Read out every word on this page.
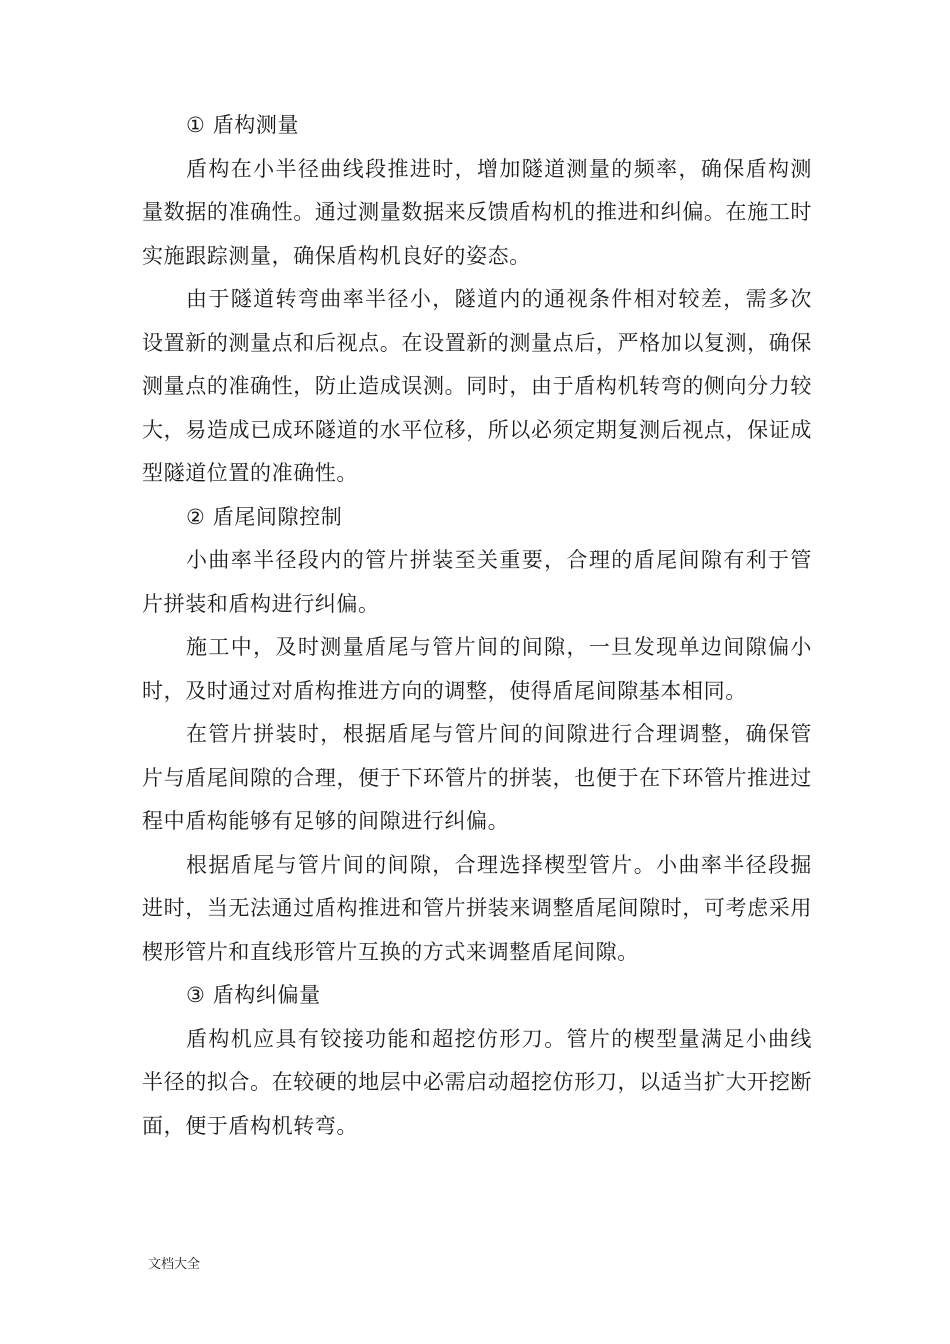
① 盾构测量

盾构在小半径曲线段推进时，增加隧道测量的频率，确保盾构测量数据的准确性。通过测量数据来反馈盾构机的推进和纠偏。在施工时实施跟踪测量，确保盾构机良好的姿态。

由于隧道转弯曲率半径小，隧道内的通视条件相对较差，需多次设置新的测量点和后视点。在设置新的测量点后，严格加以复测，确保测量点的准确性，防止造成误测。同时，由于盾构机转弯的侧向分力较大，易造成已成环隧道的水平位移，所以必须定期复测后视点，保证成型隧道位置的准确性。

② 盾尾间隙控制

小曲率半径段内的管片拼装至关重要，合理的盾尾间隙有利于管片拼装和盾构进行纠偏。

施工中，及时测量盾尾与管片间的间隙，一旦发现单边间隙偏小时，及时通过对盾构推进方向的调整，使得盾尾间隙基本相同。

在管片拼装时，根据盾尾与管片间的间隙进行合理调整，确保管片与盾尾间隙的合理，便于下环管片的拼装，也便于在下环管片推进过程中盾构能够有足够的间隙进行纠偏。

根据盾尾与管片间的间隙，合理选择楔型管片。小曲率半径段掘进时，当无法通过盾构推进和管片拼装来调整盾尾间隙时，可考虑采用楔形管片和直线形管片互换的方式来调整盾尾间隙。

③ 盾构纠偏量

盾构机应具有铰接功能和超挖仿形刀。管片的楔型量满足小曲线半径的拟合。在较硬的地层中必需启动超挖仿形刀，以适当扩大开挖断面，便于盾构机转弯。

文档大全
